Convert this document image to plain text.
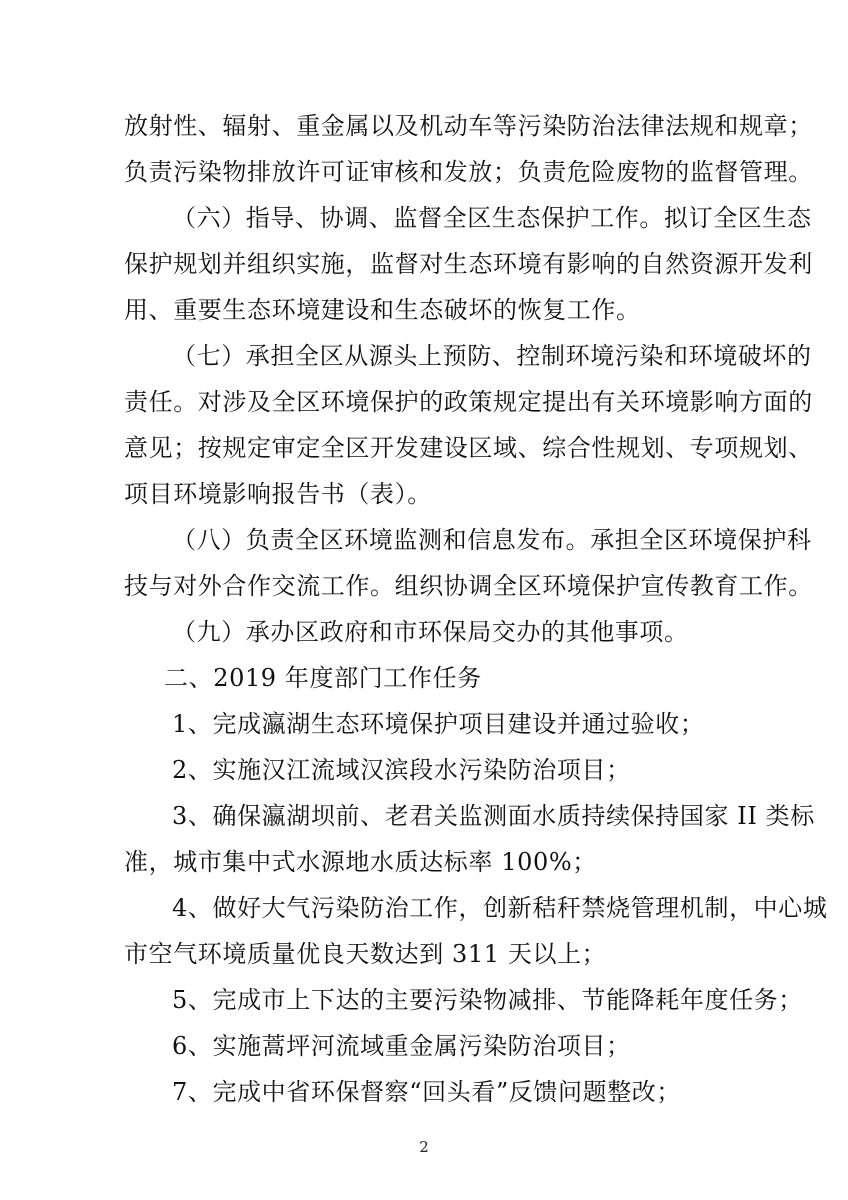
放射性、辐射、重金属以及机动车等污染防治法律法规和规章；
负责污染物排放许可证审核和发放；负责危险废物的监督管理。
（六）指导、协调、监督全区生态保护工作。拟订全区生态
保护规划并组织实施，监督对生态环境有影响的自然资源开发利
用、重要生态环境建设和生态破坏的恢复工作。
（七）承担全区从源头上预防、控制环境污染和环境破坏的
责任。对涉及全区环境保护的政策规定提出有关环境影响方面的
意见；按规定审定全区开发建设区域、综合性规划、专项规划、
项目环境影响报告书（表）。
（八）负责全区环境监测和信息发布。承担全区环境保护科
技与对外合作交流工作。组织协调全区环境保护宣传教育工作。
（九）承办区政府和市环保局交办的其他事项。
二、2019 年度部门工作任务
1、完成瀛湖生态环境保护项目建设并通过验收；
2、实施汉江流域汉滨段水污染防治项目；
3、确保瀛湖坝前、老君关监测面水质持续保持国家 II 类标
准，城市集中式水源地水质达标率 100%；
4、做好大气污染防治工作，创新秸秆禁烧管理机制，中心城
市空气环境质量优良天数达到 311 天以上；
5、完成市上下达的主要污染物减排、节能降耗年度任务；
6、实施蒿坪河流域重金属污染防治项目；
7、完成中省环保督察“回头看”反馈问题整改；
2
